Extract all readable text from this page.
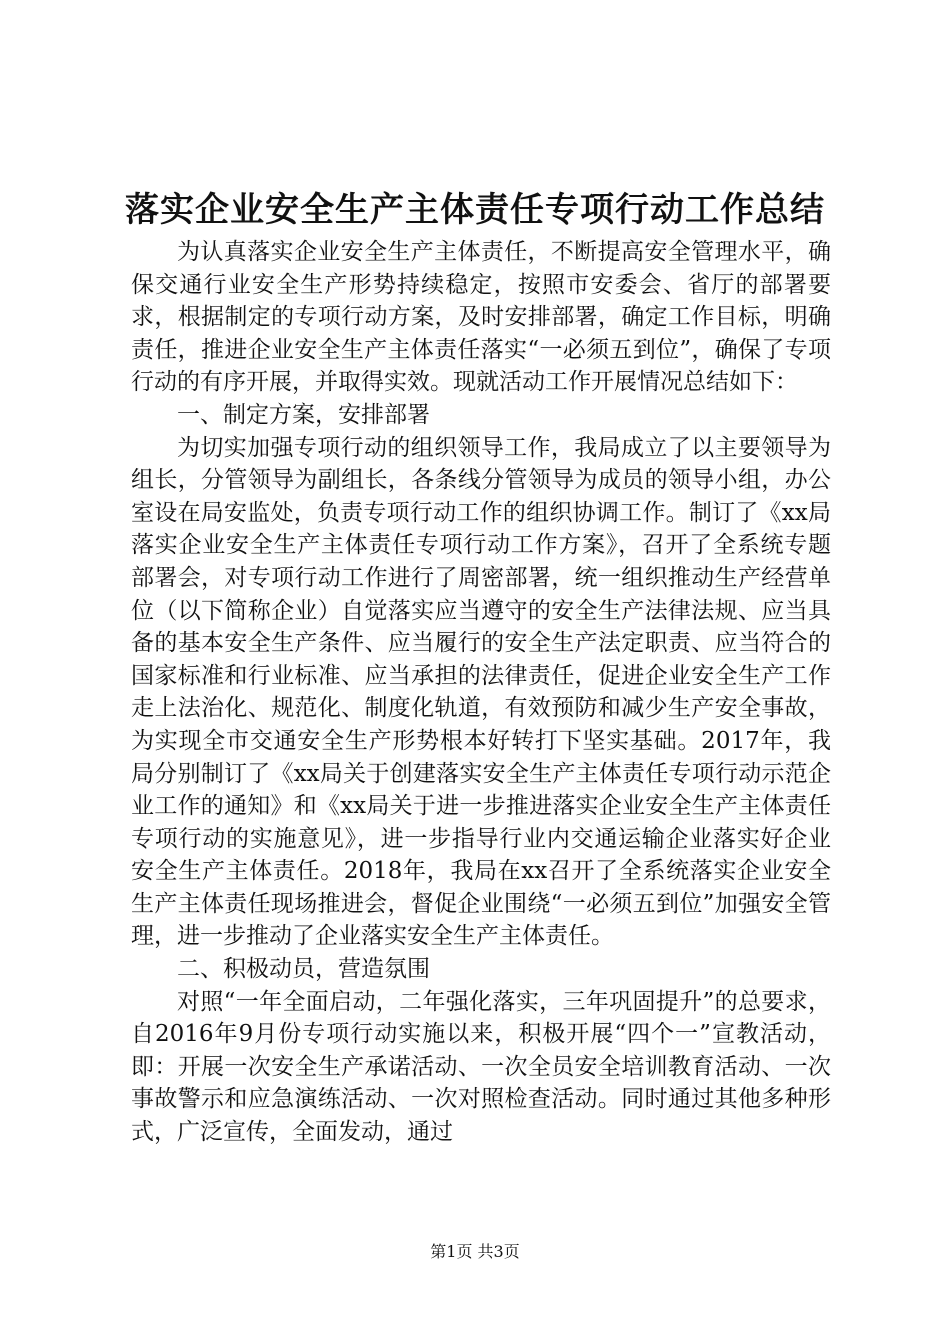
落实企业安全生产主体责任专项行动工作总结

为认真落实企业安全生产主体责任，不断提高安全管理水平，确保交通行业安全生产形势持续稳定，按照市安委会、省厅的部署要求，根据制定的专项行动方案，及时安排部署，确定工作目标，明确责任，推进企业安全生产主体责任落实“一必须五到位”，确保了专项行动的有序开展，并取得实效。现就活动工作开展情况总结如下：

一、制定方案，安排部署

为切实加强专项行动的组织领导工作，我局成立了以主要领导为组长，分管领导为副组长，各条线分管领导为成员的领导小组，办公室设在局安监处，负责专项行动工作的组织协调工作。制订了《xx局落实企业安全生产主体责任专项行动工作方案》，召开了全系统专题部署会，对专项行动工作进行了周密部署，统一组织推动生产经营单位（以下简称企业）自觉落实应当遵守的安全生产法律法规、应当具备的基本安全生产条件、应当履行的安全生产法定职责、应当符合的国家标准和行业标准、应当承担的法律责任，促进企业安全生产工作走上法治化、规范化、制度化轨道，有效预防和减少生产安全事故，为实现全市交通安全生产形势根本好转打下坚实基础。2017年，我局分别制订了《xx局关于创建落实安全生产主体责任专项行动示范企业工作的通知》和《xx局关于进一步推进落实企业安全生产主体责任专项行动的实施意见》，进一步指导行业内交通运输企业落实好企业安全生产主体责任。2018年，我局在xx召开了全系统落实企业安全生产主体责任现场推进会，督促企业围绕“一必须五到位”加强安全管理，进一步推动了企业落实安全生产主体责任。

二、积极动员，营造氛围

对照“一年全面启动，二年强化落实，三年巩固提升”的总要求，自2016年9月份专项行动实施以来，积极开展“四个一”宣教活动，即：开展一次安全生产承诺活动、一次全员安全培训教育活动、一次事故警示和应急演练活动、一次对照检查活动。同时通过其他多种形式，广泛宣传，全面发动，通过

第1页 共3页
